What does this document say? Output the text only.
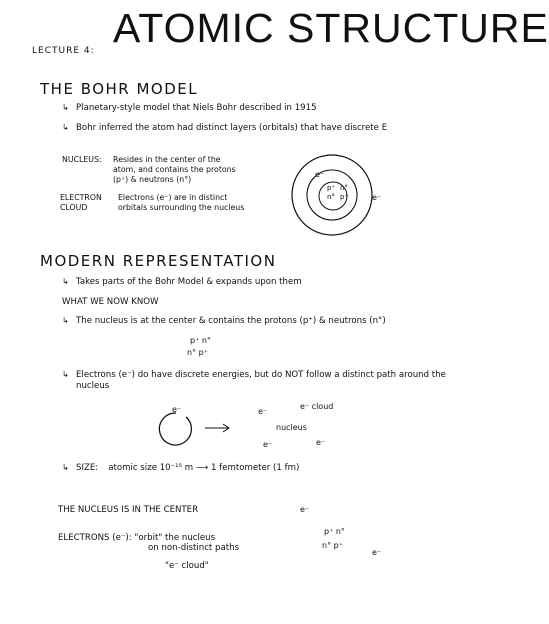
LECTURE 4: ATOMIC STRUCTURE
THE BOHR MODEL
↳ Planetary-style model that Niels Bohr described in 1915
↳ Bohr inferred the atom had distinct layers (orbitals) that have discrete E
NUCLEUS: Resides in the center of the atom, and contains the protons (p⁺) & neutrons (n°)
ELECTRON CLOUD
Electrons (e⁻) are in distinct orbitals surrounding the nucleus
e⁻
p⁺ n°
n° p⁺	e⁻
MODERN REPRESENTATION
↳ Takes parts of the Bohr Model & expands upon them
WHAT WE NOW KNOW
↳ The nucleus is at the center & contains the protons (p⁺) & neutrons (n°)
p⁺ n°
n° p⁺
↳ Electrons (e⁻) do have discrete energies, but do NOT follow a distinct path around the nucleus
e⁻	e⁻
e⁻ cloud
nucleus
e⁻	e⁻
↳ SIZE: atomic size 10⁻¹⁵ m ⟶ 1 femtometer (1 fm)
THE NUCLEUS IS IN THE CENTER
ELECTRONS (e⁻): "orbit" the nucleus
on non-distinct paths
"e⁻ cloud"
e⁻
p⁺ n°
n° p⁺
e⁻
